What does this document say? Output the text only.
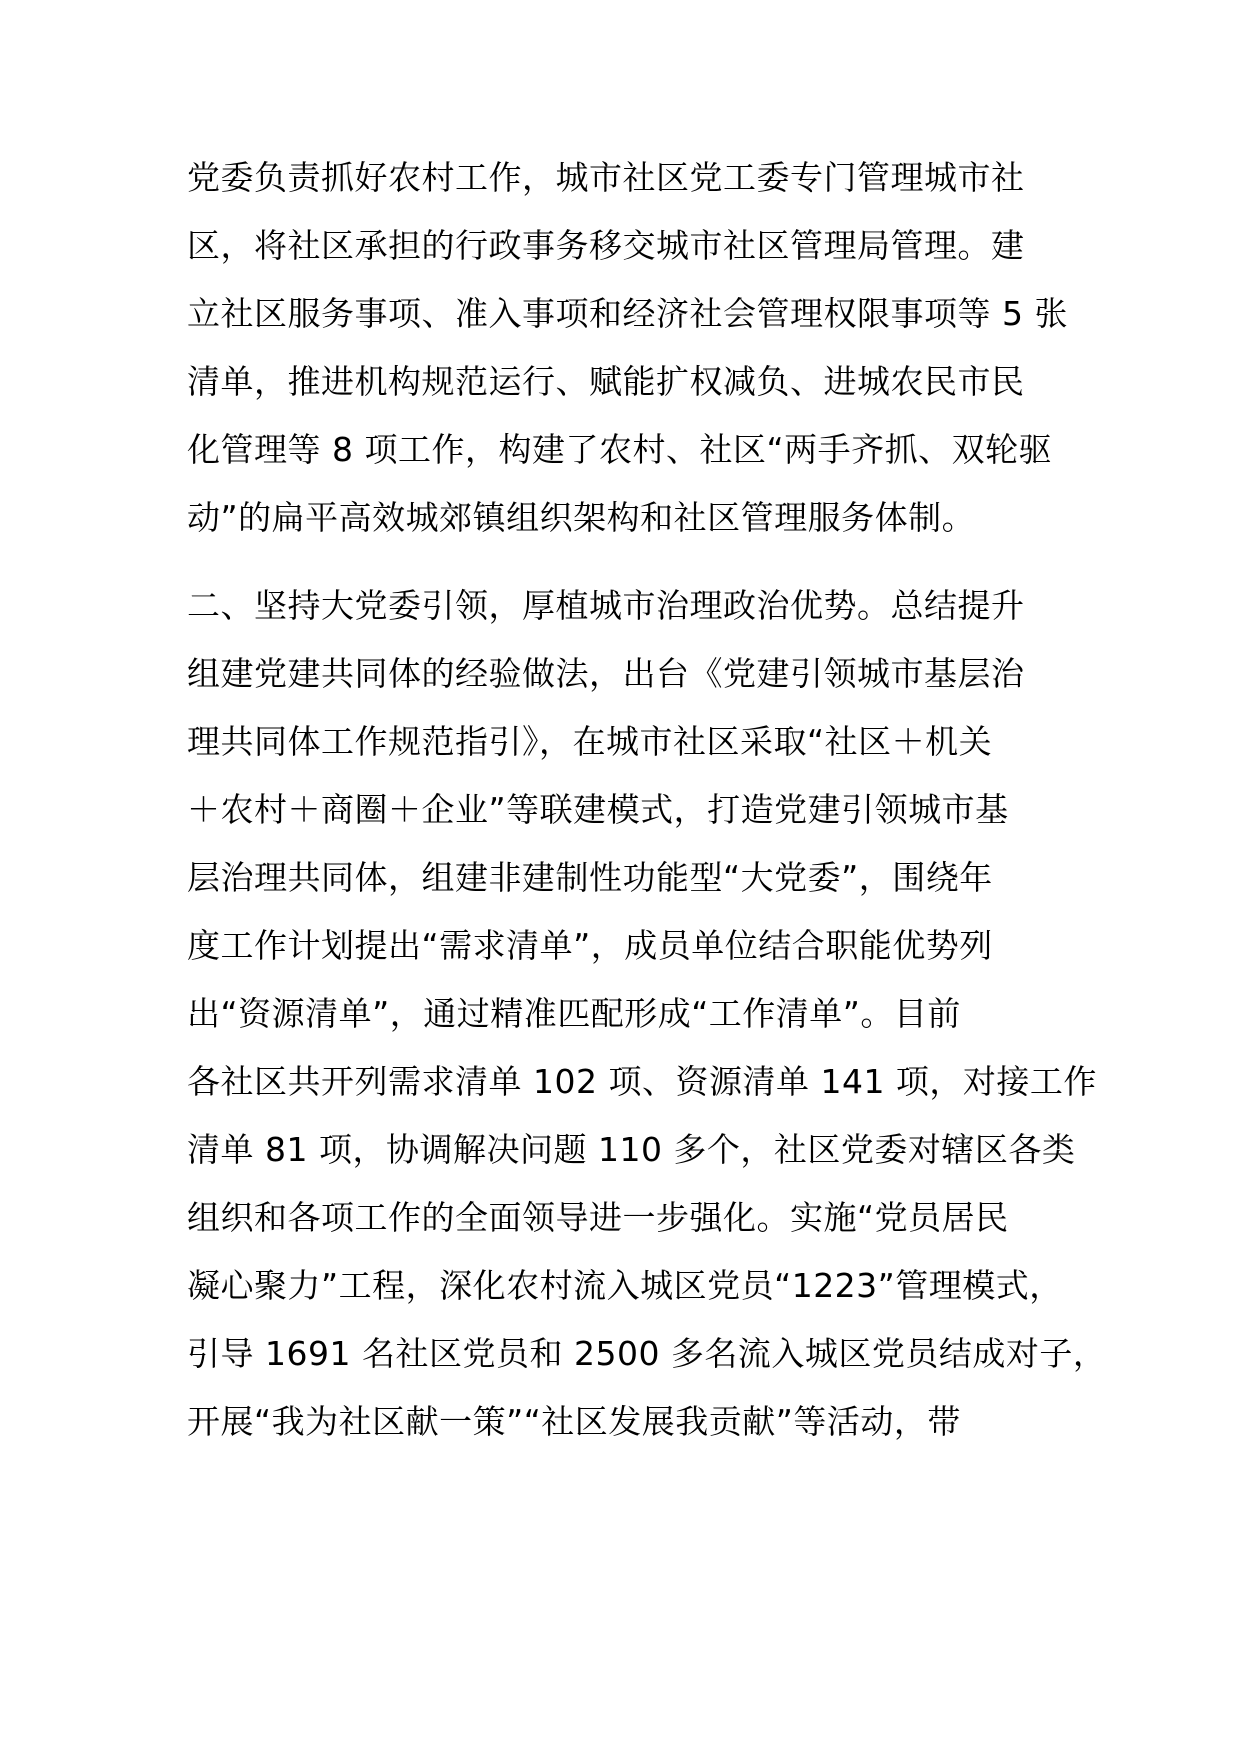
党委负责抓好农村工作，城市社区党工委专门管理城市社
区，将社区承担的行政事务移交城市社区管理局管理。建
立社区服务事项、准入事项和经济社会管理权限事项等 5 张
清单，推进机构规范运行、赋能扩权减负、进城农民市民
化管理等 8 项工作，构建了农村、社区“两手齐抓、双轮驱
动”的扁平高效城郊镇组织架构和社区管理服务体制。
二、坚持大党委引领，厚植城市治理政治优势。总结提升
组建党建共同体的经验做法，出台《党建引领城市基层治
理共同体工作规范指引》，在城市社区采取“社区＋机关
＋农村＋商圈＋企业”等联建模式，打造党建引领城市基
层治理共同体，组建非建制性功能型“大党委”，围绕年
度工作计划提出“需求清单”，成员单位结合职能优势列
出“资源清单”，通过精准匹配形成“工作清单”。目前
各社区共开列需求清单 102 项、资源清单 141 项，对接工作
清单 81 项，协调解决问题 110 多个，社区党委对辖区各类
组织和各项工作的全面领导进一步强化。实施“党员居民
凝心聚力”工程，深化农村流入城区党员“1223”管理模式，
引导 1691 名社区党员和 2500 多名流入城区党员结成对子，
开展“我为社区献一策”“社区发展我贡献”等活动，带
